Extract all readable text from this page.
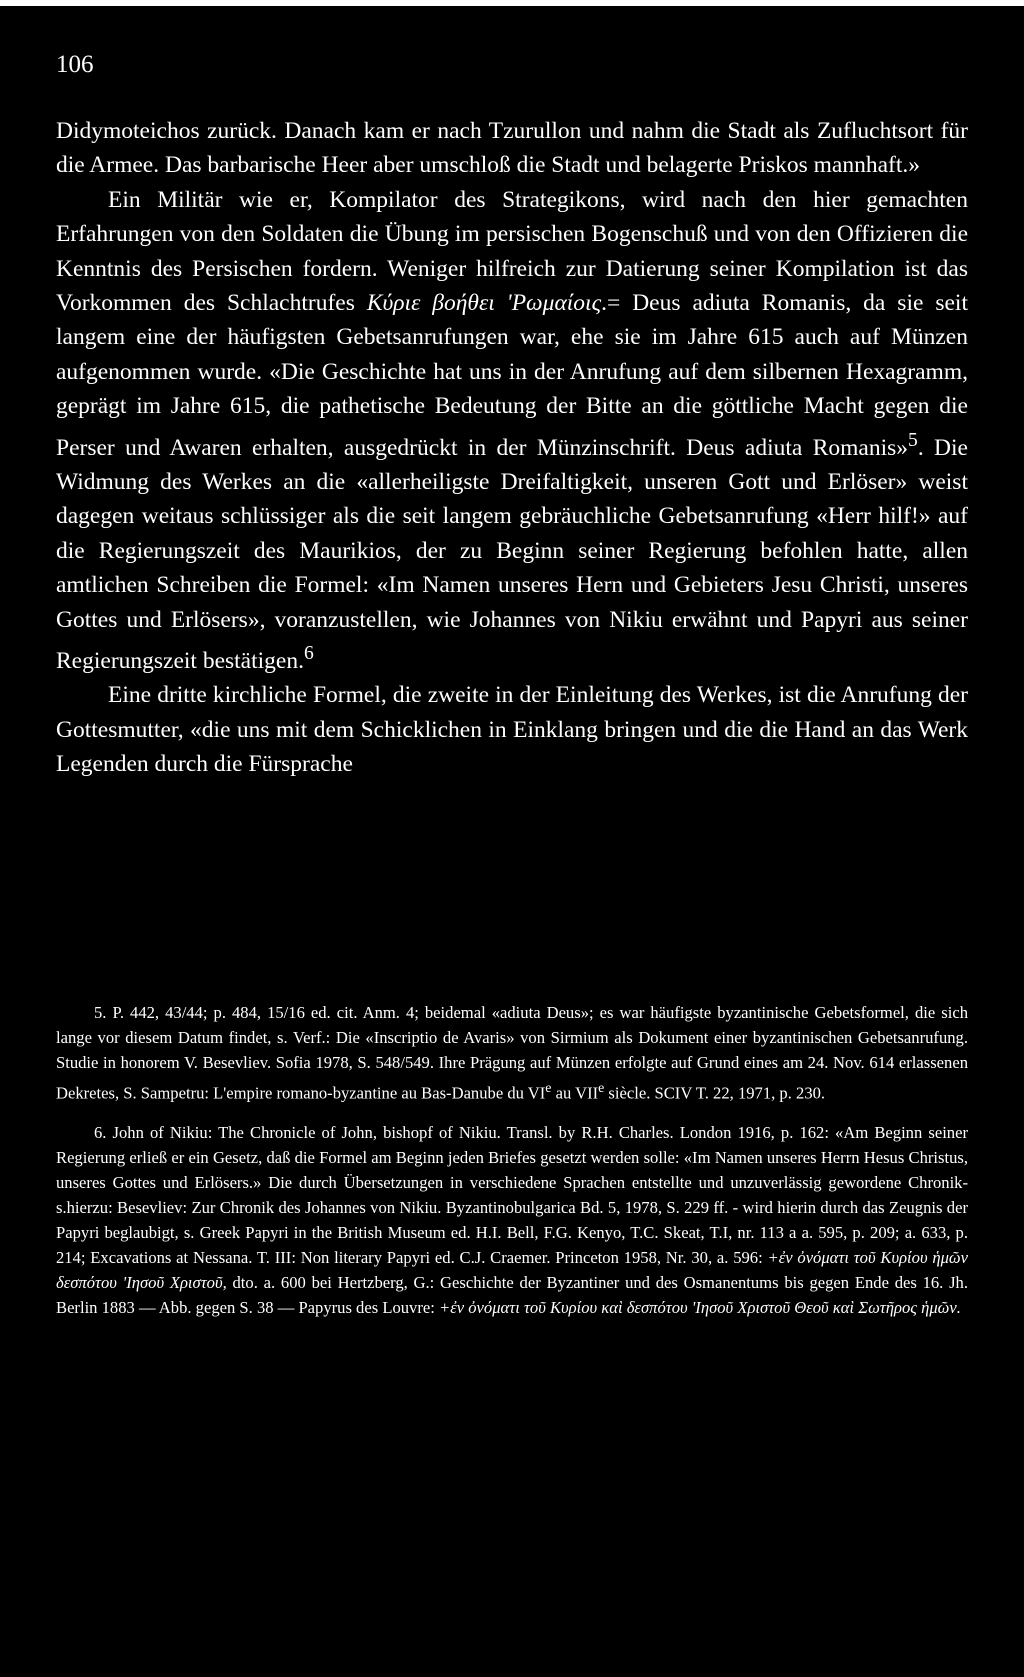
106

Didymoteichos zurück. Danach kam er nach Tzurullon und nahm die Stadt als Zufluchtsort für die Armee. Das barbarische Heer aber umschloß die Stadt und belagerte Priskos mannhaft.»

Ein Militär wie er, Kompilator des Strategikons, wird nach den hier gemachten Erfahrungen von den Soldaten die Übung im persischen Bogenschuß und von den Offizieren die Kenntnis des Persischen fordern. Weniger hilfreich zur Datierung seiner Kompilation ist das Vorkommen des Schlachtrufes Κύριε βοήθει 'Ρωμαίοις.= Deus adiuta Romanis, da sie seit langem eine der häufigsten Gebetsanrufungen war, ehe sie im Jahre 615 auch auf Münzen aufgenommen wurde. «Die Geschichte hat uns in der Anrufung auf dem silbernen Hexagramm, geprägt im Jahre 615, die pathetische Bedeutung der Bitte an die göttliche Macht gegen die Perser und Awaren erhalten, ausgedrückt in der Münzinschrift. Deus adiuta Romanis»$^5$. Die Widmung des Werkes an die «allerheiligste Dreifaltigkeit, unseren Gott und Erlöser» weist dagegen weitaus schlüssiger als die seit langem gebräuchliche Gebetsanrufung «Herr hilf!» auf die Regierungszeit des Maurikios, der zu Beginn seiner Regierung befohlen hatte, allen amtlichen Schreiben die Formel: «Im Namen unseres Hern und Gebieters Jesu Christi, unseres Gottes und Erlösers», voranzustellen, wie Johannes von Nikiu erwähnt und Papyri aus seiner Regierungszeit bestätigen.$^6$

Eine dritte kirchliche Formel, die zweite in der Einleitung des Werkes, ist die Anrufung der Gottesmutter, «die uns mit dem Schicklichen in Einklang bringen und die die Hand an das Werk Legenden durch die Fürsprache

5. P. 442, 43/44; p. 484, 15/16 ed. cit. Anm. 4; beidemal «adiuta Deus»; es war häufigste byzantinische Gebetsformel, die sich lange vor diesem Datum findet, s. Verf.: Die «Inscriptio de Avaris» von Sirmium als Dokument einer byzantinischen Gebetsanrufung. Studie in honorem V. Besevliev. Sofia 1978, S. 548/549. Ihre Prägung auf Münzen erfolgte auf Grund eines am 24. Nov. 614 erlassenen Dekretes, S. Sampetru: L'empire romano-byzantine au Bas-Danube du VIe au VIIe siècle. SCIV T. 22, 1971, p. 230.

6. John of Nikiu: The Chronicle of John, bishopf of Nikiu. Transl. by R.H. Charles. London 1916, p. 162: «Am Beginn seiner Regierung erließ er ein Gesetz, daß die Formel am Beginn jeden Briefes gesetzt werden solle: «Im Namen unseres Herrn Hesus Christus, unseres Gottes und Erlösers.» Die durch Übersetzungen in verschiedene Sprachen entstellte und unzuverlässig gewordene Chronik-s.hierzu: Besevliev: Zur Chronik des Johannes von Nikiu. Byzantinobulgarica Bd. 5, 1978, S. 229 ff. - wird hierin durch das Zeugnis der Papyri beglaubigt, s. Greek Papyri in the British Museum ed. H.I. Bell, F.G. Kenyo, T.C. Skeat, T.I, nr. 113 a a. 595, p. 209; a. 633, p. 214; Excavations at Nessana. T. III: Non literary Papyri ed. C.J. Craemer. Princeton 1958, Nr. 30, a. 596: +ἐν ὀνόματι τοῦ Κυρίου ἡμῶν δεσπότου 'Ιησοῦ Χριστοῦ, dto. a. 600 bei Hertzberg, G.: Geschichte der Byzantiner und des Osmanentums bis gegen Ende des 16. Jh. Berlin 1883 — Abb. gegen S. 38 — Papyrus des Louvre: +ἐν ὀνόματι τοῦ Κυρίου καὶ δεσπότου 'Ιησοῦ Χριστοῦ Θεοῦ καὶ Σωτῆρος ἡμῶν.
